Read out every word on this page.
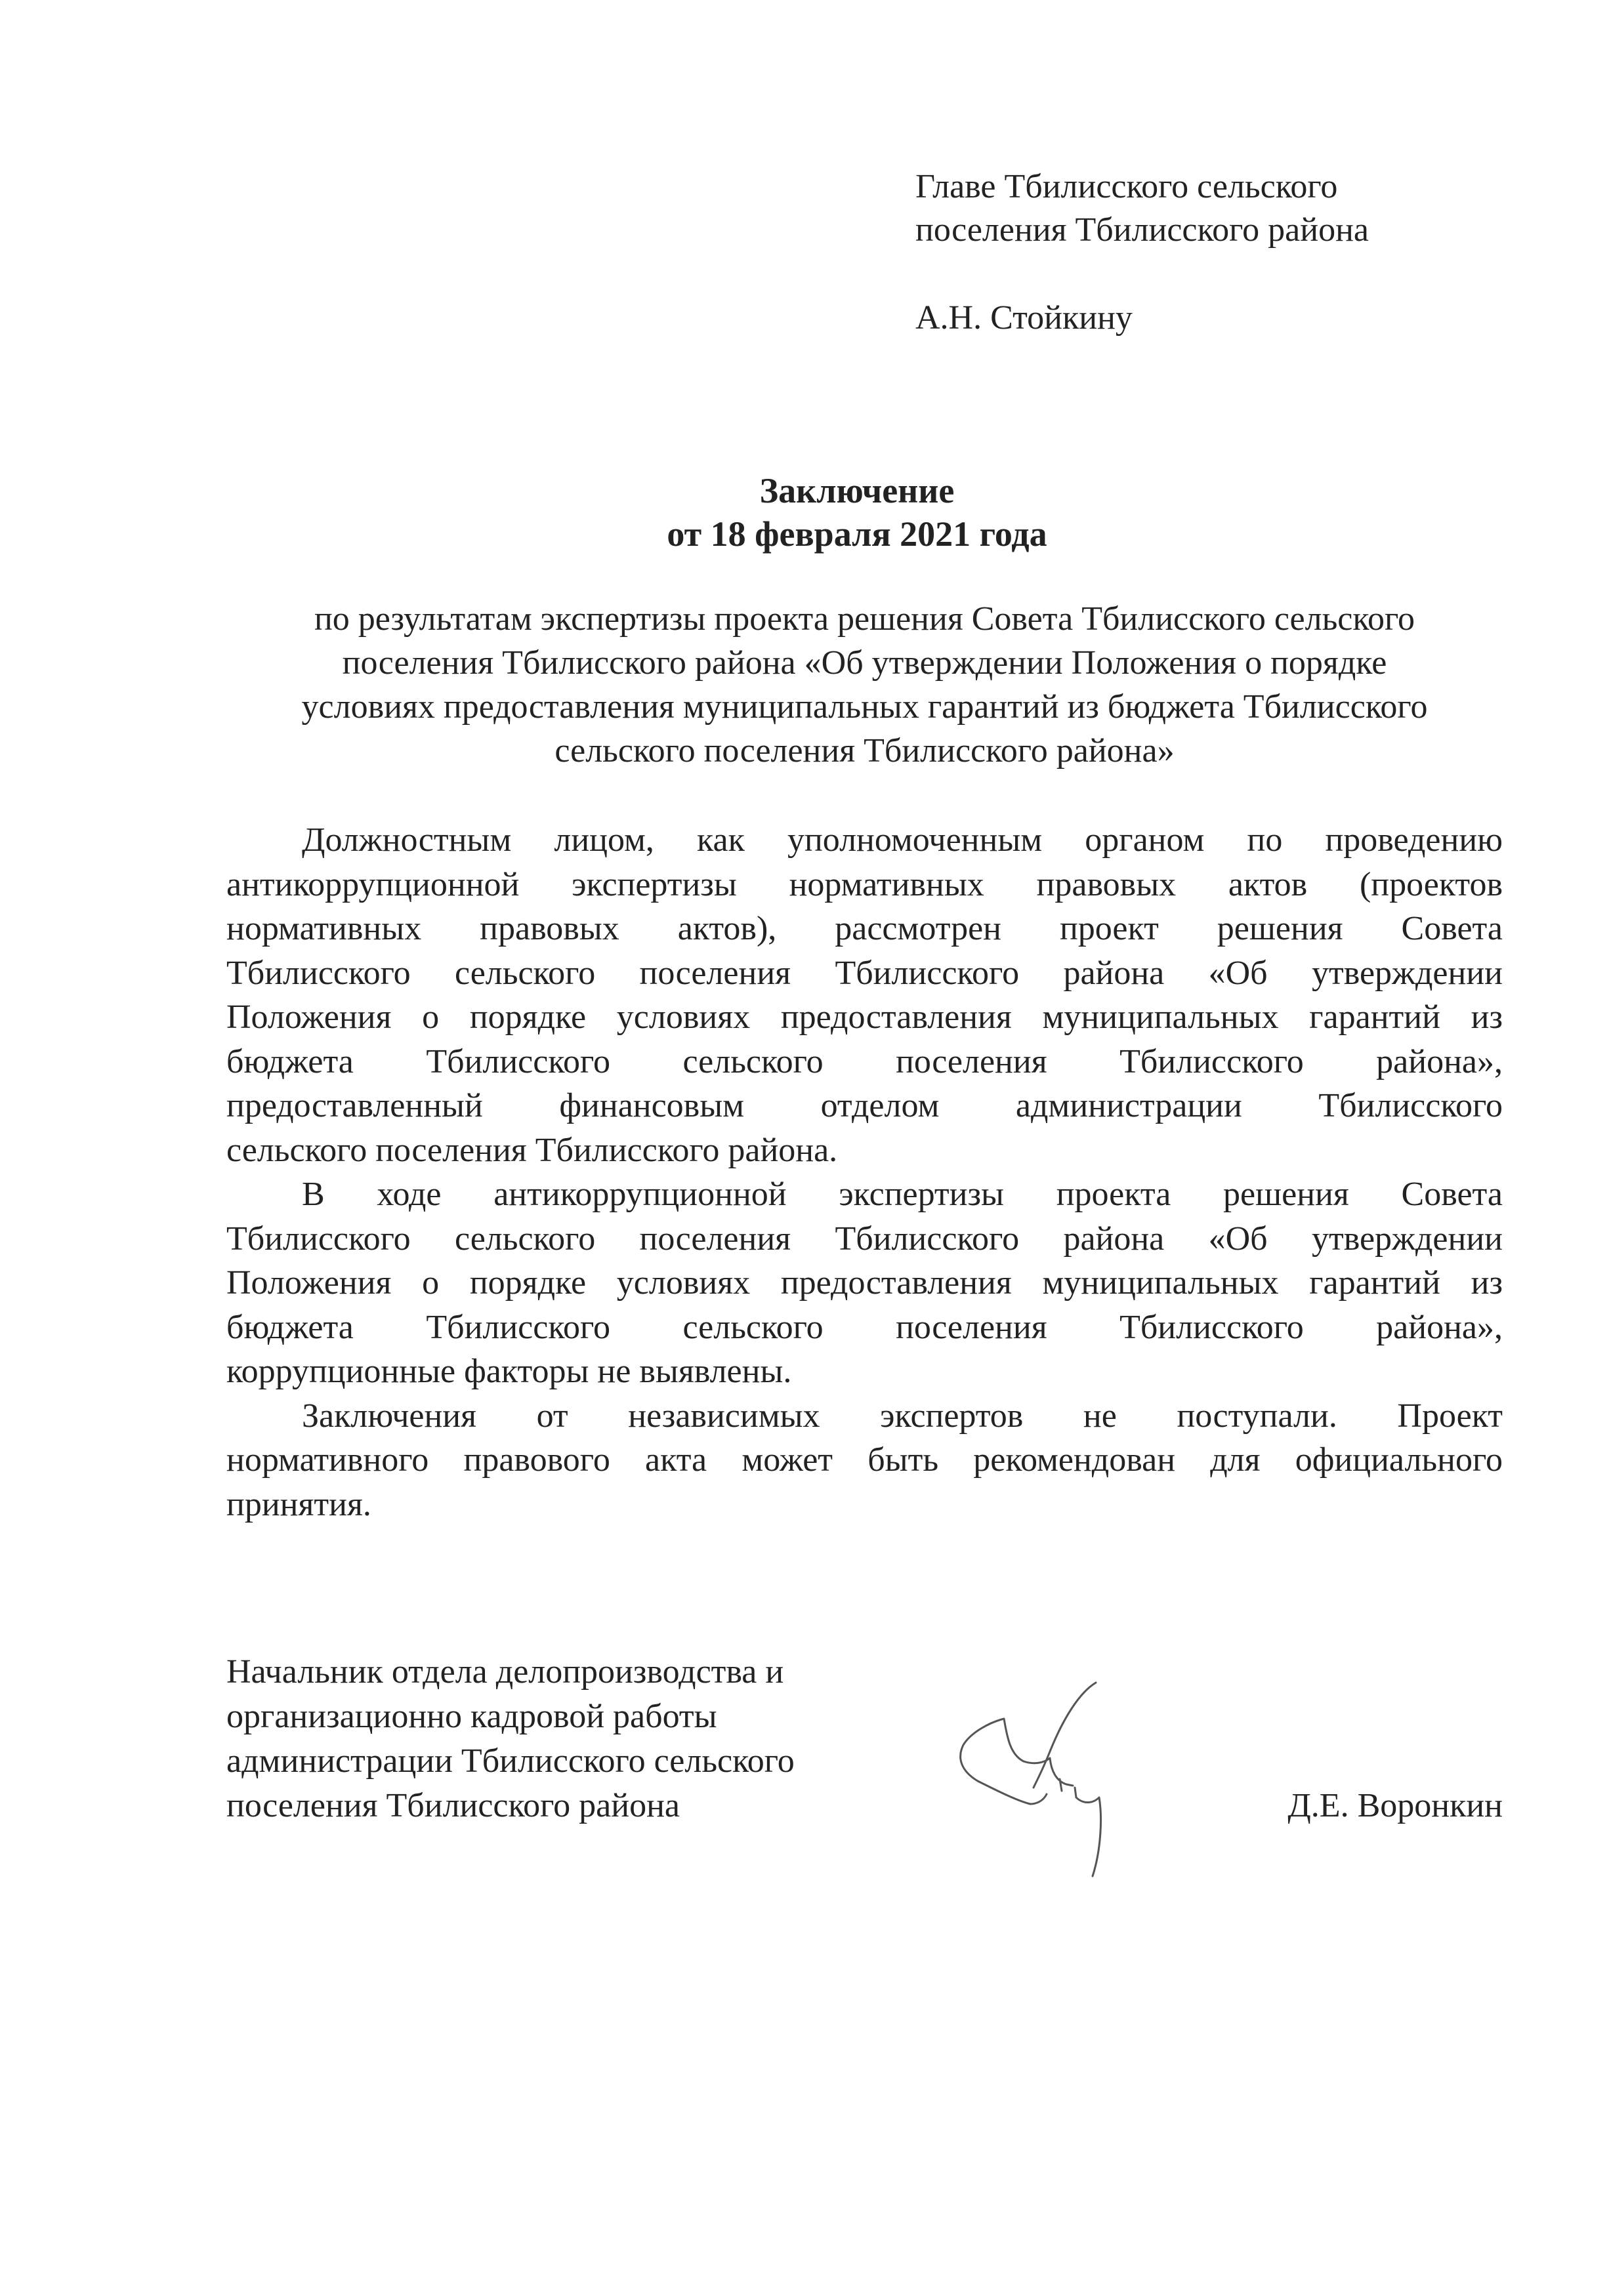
Главе Тбилисского сельского
поселения Тбилисского района
А.Н. Стойкину
Заключение
от 18 февраля 2021 года
по результатам экспертизы проекта решения Совета Тбилисского сельского
поселения Тбилисского района «Об утверждении Положения о порядке
условиях предоставления муниципальных гарантий из бюджета Тбилисского
сельского поселения Тбилисского района»
Должностным лицом, как уполномоченным органом по проведению
антикоррупционной экспертизы нормативных правовых актов (проектов
нормативных правовых актов), рассмотрен проект решения Совета
Тбилисского сельского поселения Тбилисского района «Об утверждении
Положения о порядке условиях предоставления муниципальных гарантий из
бюджета Тбилисского сельского поселения Тбилисского района»,
предоставленный финансовым отделом администрации Тбилисского
сельского поселения Тбилисского района.
В ходе антикоррупционной экспертизы проекта решения Совета
Тбилисского сельского поселения Тбилисского района «Об утверждении
Положения о порядке условиях предоставления муниципальных гарантий из
бюджета Тбилисского сельского поселения Тбилисского района»,
коррупционные факторы не выявлены.
Заключения от независимых экспертов не поступали. Проект
нормативного правового акта может быть рекомендован для официального
принятия.
Начальник отдела делопроизводства и
организационно кадровой работы
администрации Тбилисского сельского
поселения Тбилисского района	Д.Е. Воронкин
